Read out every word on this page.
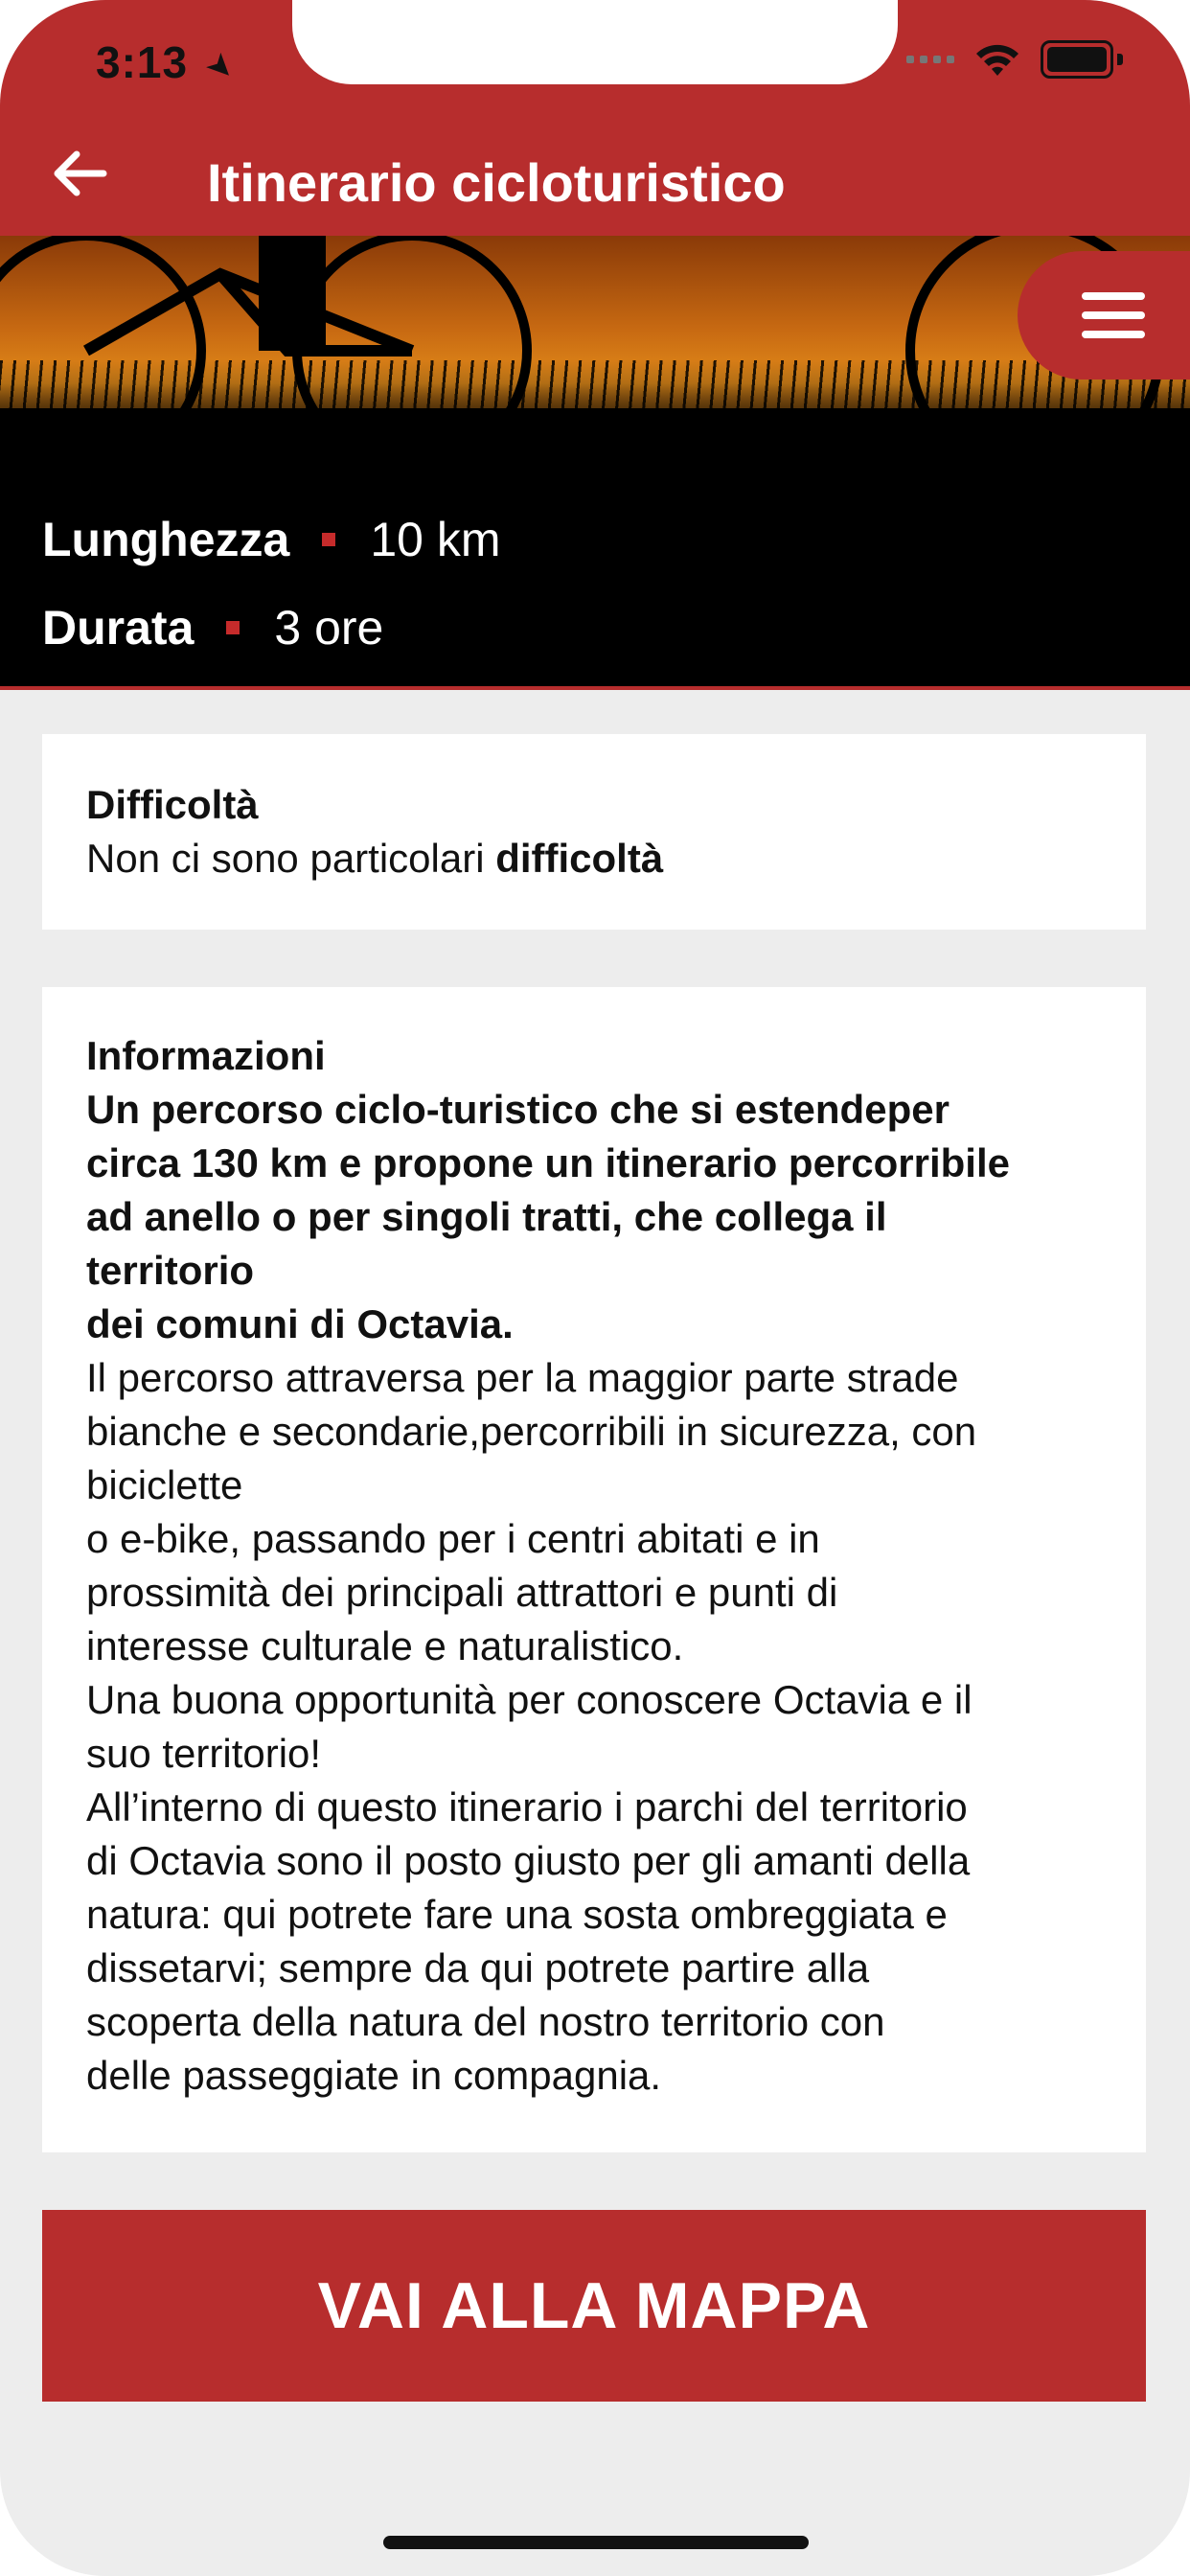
3:13 ➤
Itinerario cicloturistico
Lunghezza 10 km
Durata 3 ore
Difficoltà
Non ci sono particolari difficoltà
Informazioni
Un percorso ciclo-turistico che si estendeper
circa 130 km e propone un itinerario percorribile
ad anello o per singoli tratti, che collega il
territorio
dei comuni di Octavia.
Il percorso attraversa per la maggior parte strade
bianche e secondarie,percorribili in sicurezza, con
biciclette
o e-bike, passando per i centri abitati e in
prossimità dei principali attrattori e punti di
interesse culturale e naturalistico.
Una buona opportunità per conoscere Octavia e il
suo territorio!
All’interno di questo itinerario i parchi del territorio
di Octavia sono il posto giusto per gli amanti della
natura: qui potrete fare una sosta ombreggiata e
dissetarvi; sempre da qui potrete partire alla
scoperta della natura del nostro territorio con
delle passeggiate in compagnia.
VAI ALLA MAPPA
